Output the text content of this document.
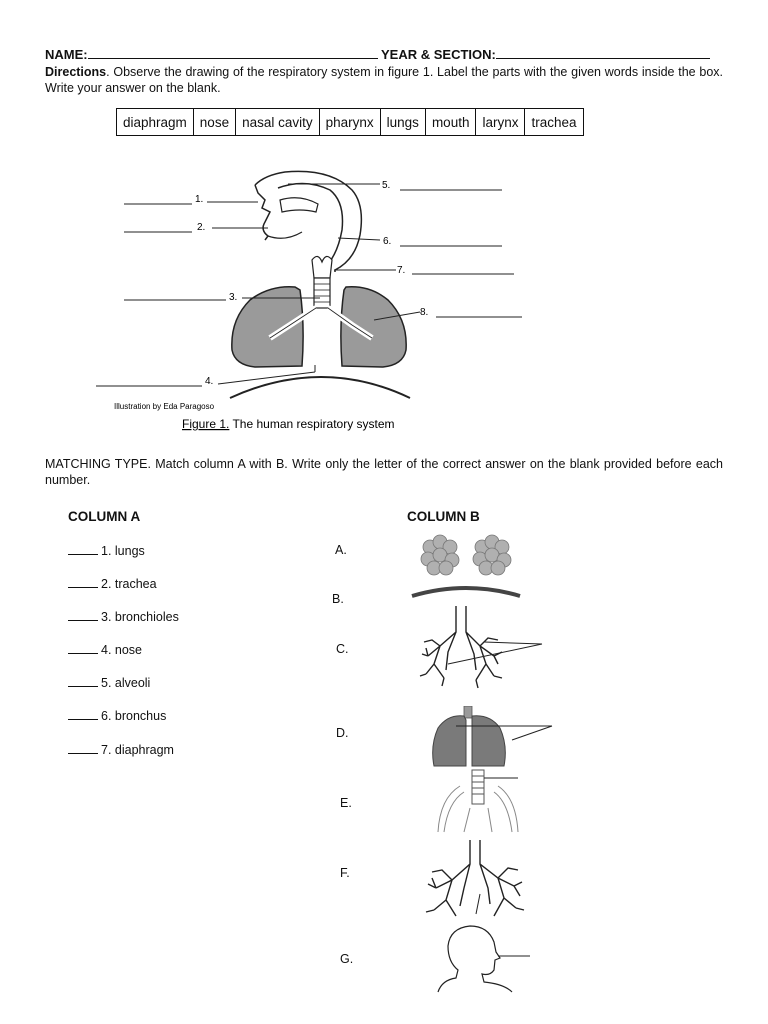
NAME:	YEAR & SECTION:
Directions. Observe the drawing of the respiratory system in figure 1. Label the parts with the given words inside the box. Write your answer on the blank.
diaphragm	nose	nasal cavity	pharynx	lungs	mouth	larynx	trachea
1.
2.
3.
4.
5.
6.
7.
8.
Illustration by Eda Paragoso
Figure 1. The human respiratory system
MATCHING TYPE. Match column A with B. Write only the letter of the correct answer on the blank provided before each number.
COLUMN A	COLUMN B
1. lungs
2. trachea
3. bronchioles
4. nose
5. alveoli
6. bronchus
7. diaphragm
A.
B.
C.
D.
E.
F.
G.
